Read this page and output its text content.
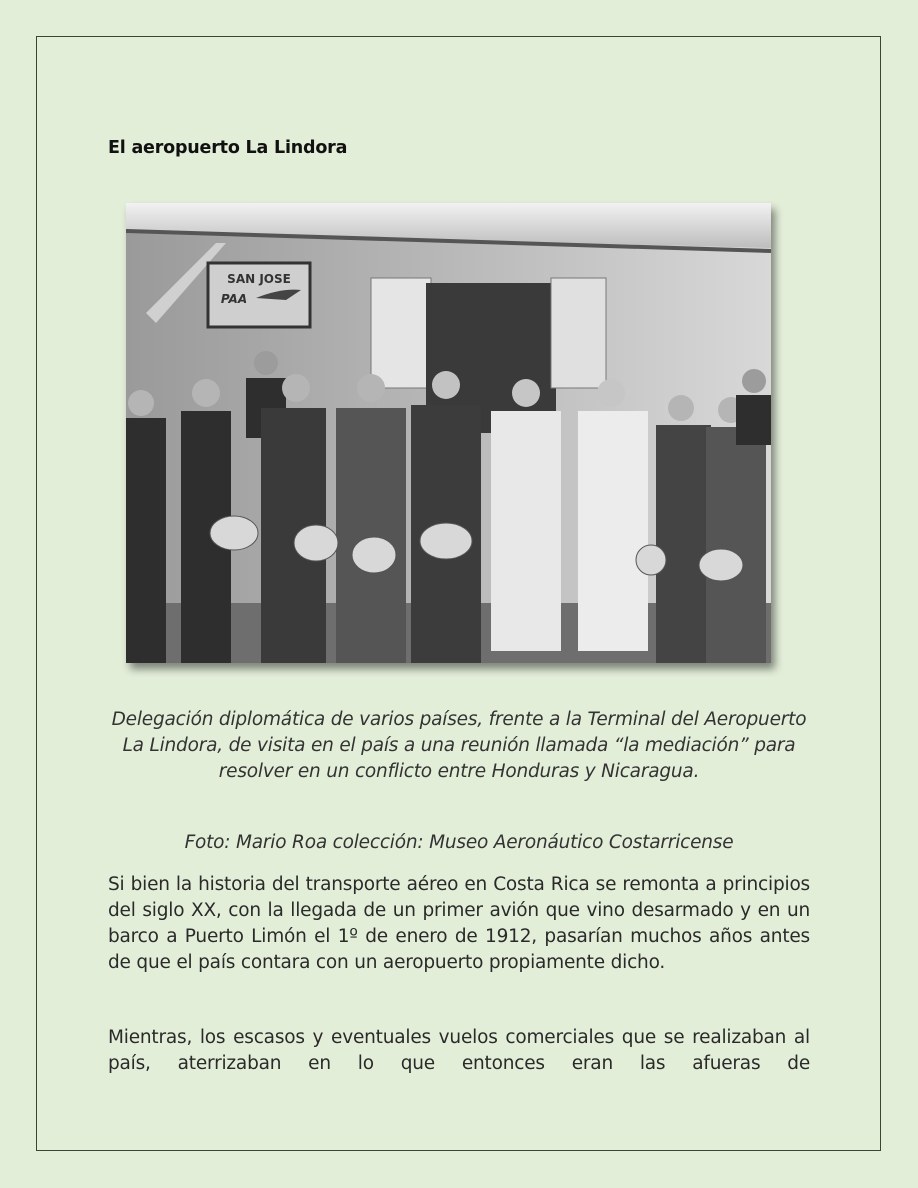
El aeropuerto La Lindora
SAN JOSE
PAA
Delegación diplomática de varios países, frente a la Terminal del Aeropuerto La Lindora, de visita en el país a una reunión llamada “la mediación” para resolver en un conflicto entre Honduras y Nicaragua.
Foto: Mario Roa colección: Museo Aeronáutico Costarricense
Si bien la historia del transporte aéreo en Costa Rica se remonta a principios del siglo XX, con la llegada de un primer avión que vino desarmado y en un barco a Puerto Limón el 1º de enero de 1912, pasarían muchos años antes de que el país contara con un aeropuerto propiamente dicho.
Mientras, los escasos y eventuales vuelos comerciales que se realizaban al país, aterrizaban en lo que entonces eran las afueras de
